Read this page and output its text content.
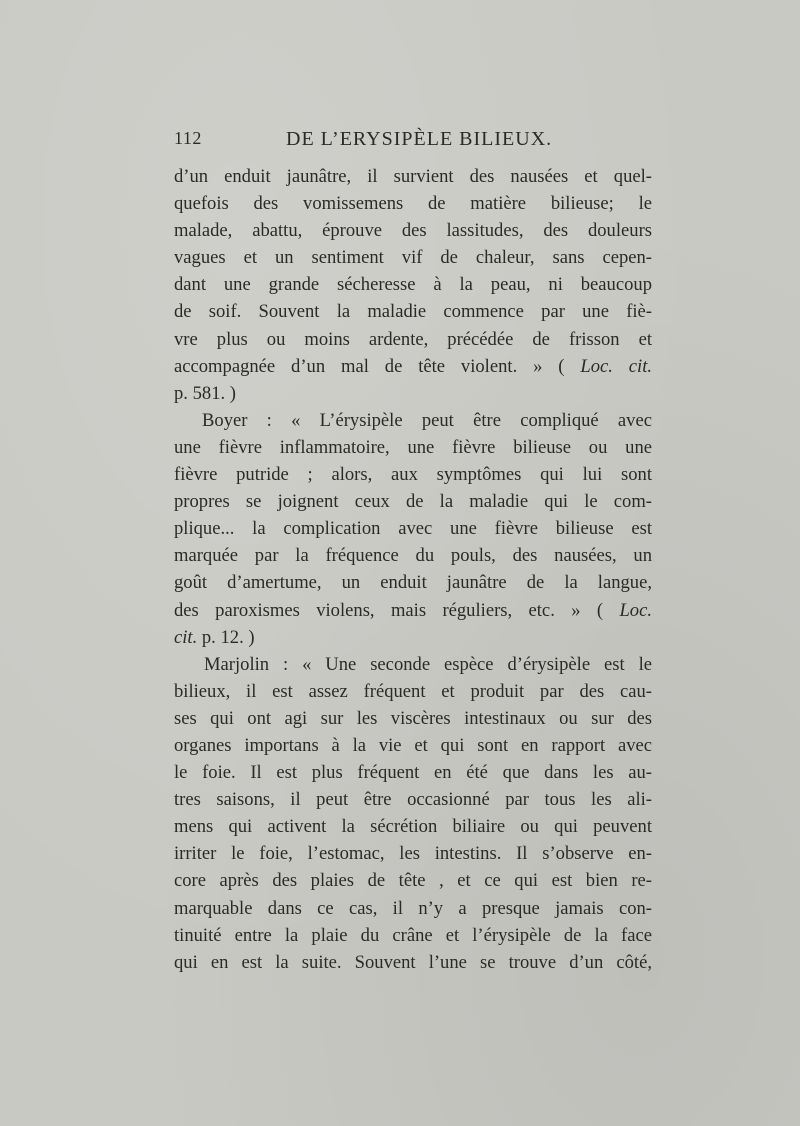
112	DE L’ERYSIPÈLE BILIEUX.
d’un enduit jaunâtre, il survient des nausées et quel-
quefois des vomissemens de matière bilieuse; le
malade, abattu, éprouve des lassitudes, des douleurs
vagues et un sentiment vif de chaleur, sans cepen-
dant une grande sécheresse à la peau, ni beaucoup
de soif. Souvent la maladie commence par une fiè-
vre plus ou moins ardente, précédée de frisson et
accompagnée d’un mal de tête violent. » ( Loc. cit.
p. 581. )
Boyer : « L’érysipèle peut être compliqué avec
une fièvre inflammatoire, une fièvre bilieuse ou une
fièvre putride ; alors, aux symptômes qui lui sont
propres se joignent ceux de la maladie qui le com-
plique... la complication avec une fièvre bilieuse est
marquée par la fréquence du pouls, des nausées, un
goût d’amertume, un enduit jaunâtre de la langue,
des paroxismes violens, mais réguliers, etc. » ( Loc.
cit. p. 12. )
Marjolin : « Une seconde espèce d’érysipèle est le
bilieux, il est assez fréquent et produit par des cau-
ses qui ont agi sur les viscères intestinaux ou sur des
organes importans à la vie et qui sont en rapport avec
le foie. Il est plus fréquent en été que dans les au-
tres saisons, il peut être occasionné par tous les ali-
mens qui activent la sécrétion biliaire ou qui peuvent
irriter le foie, l’estomac, les intestins. Il s’observe en-
core après des plaies de tête , et ce qui est bien re-
marquable dans ce cas, il n’y a presque jamais con-
tinuité entre la plaie du crâne et l’érysipèle de la face
qui en est la suite. Souvent l’une se trouve d’un côté,
